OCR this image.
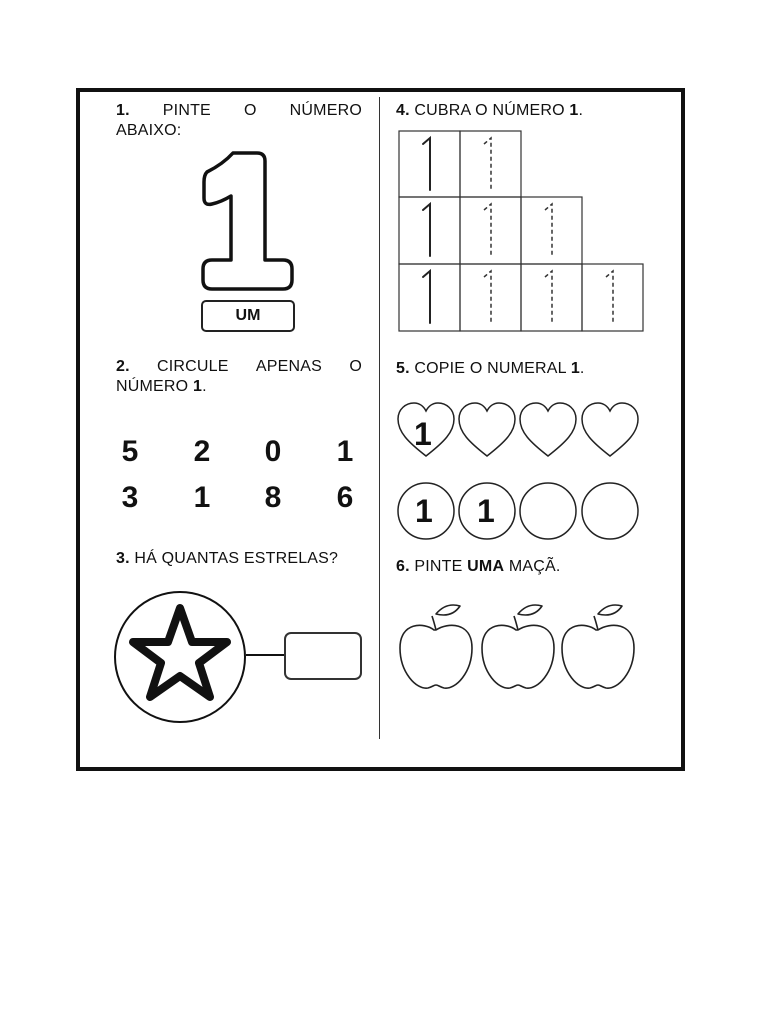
1. PINTE O NÚMERO
ABAIXO:
UM
2. CIRCULE APENAS O
NÚMERO 1.
5 2 0 1
3 1 8 6
3. HÁ QUANTAS ESTRELAS?
4. CUBRA O NÚMERO 1.
5. COPIE O NUMERAL 1.
1
1 1
6. PINTE UMA MAÇÃ.
